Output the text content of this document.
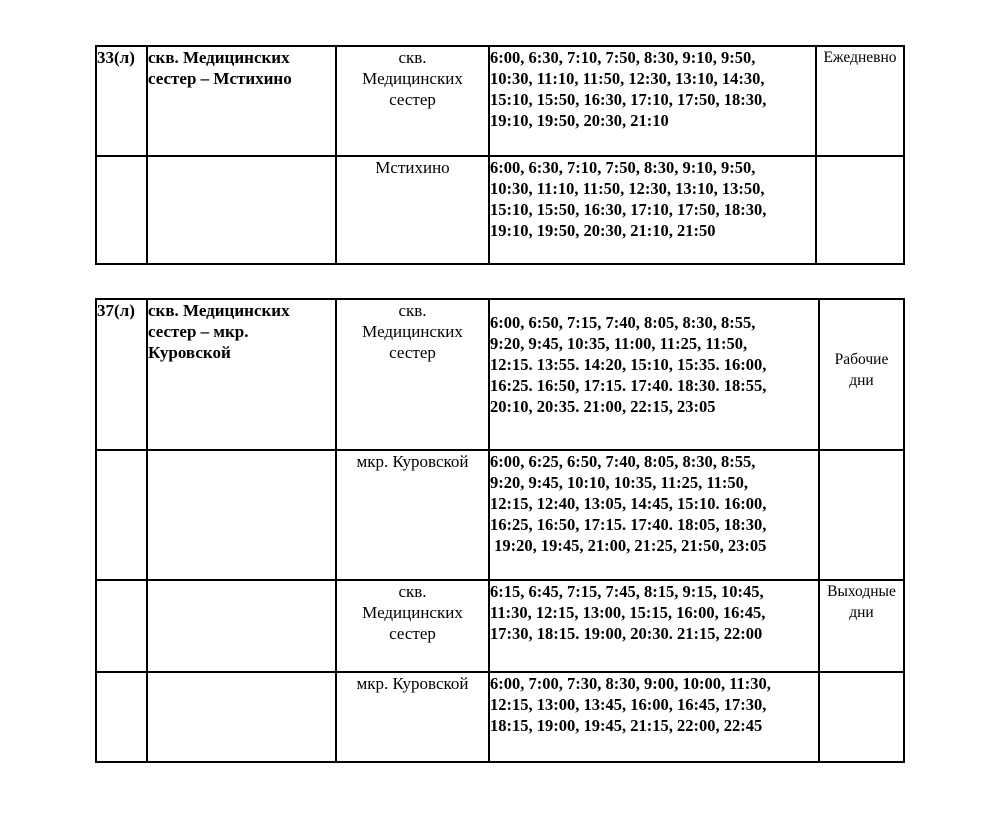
33(л)	скв. Медицинских
сестер – Мстихино	скв.
Медицинских
сестер	6:00, 6:30, 7:10, 7:50, 8:30, 9:10, 9:50,
10:30, 11:10, 11:50, 12:30, 13:10, 14:30,
15:10, 15:50, 16:30, 17:10, 17:50, 18:30,
19:10, 19:50, 20:30, 21:10	Ежедневно

		Мстихино	6:00, 6:30, 7:10, 7:50, 8:30, 9:10, 9:50,
10:30, 11:10, 11:50, 12:30, 13:10, 13:50,
15:10, 15:50, 16:30, 17:10, 17:50, 18:30,
19:10, 19:50, 20:30, 21:10, 21:50	

37(л)	скв. Медицинских
сестер – мкр.
Куровской	скв.
Медицинских
сестер	6:00, 6:50, 7:15, 7:40, 8:05, 8:30, 8:55,
9:20, 9:45, 10:35, 11:00, 11:25, 11:50,
12:15. 13:55. 14:20, 15:10, 15:35. 16:00,
16:25. 16:50, 17:15. 17:40. 18:30. 18:55,
20:10, 20:35. 21:00, 22:15, 23:05	Рабочие
дни

		мкр. Куровской	6:00, 6:25, 6:50, 7:40, 8:05, 8:30, 8:55,
9:20, 9:45, 10:10, 10:35, 11:25, 11:50,
12:15, 12:40, 13:05, 14:45, 15:10. 16:00,
16:25, 16:50, 17:15. 17:40. 18:05, 18:30,
19:20, 19:45, 21:00, 21:25, 21:50, 23:05	

		скв.
Медицинских
сестер	6:15, 6:45, 7:15, 7:45, 8:15, 9:15, 10:45,
11:30, 12:15, 13:00, 15:15, 16:00, 16:45,
17:30, 18:15. 19:00, 20:30. 21:15, 22:00	Выходные
дни

		мкр. Куровской	6:00, 7:00, 7:30, 8:30, 9:00, 10:00, 11:30,
12:15, 13:00, 13:45, 16:00, 16:45, 17:30,
18:15, 19:00, 19:45, 21:15, 22:00, 22:45	
